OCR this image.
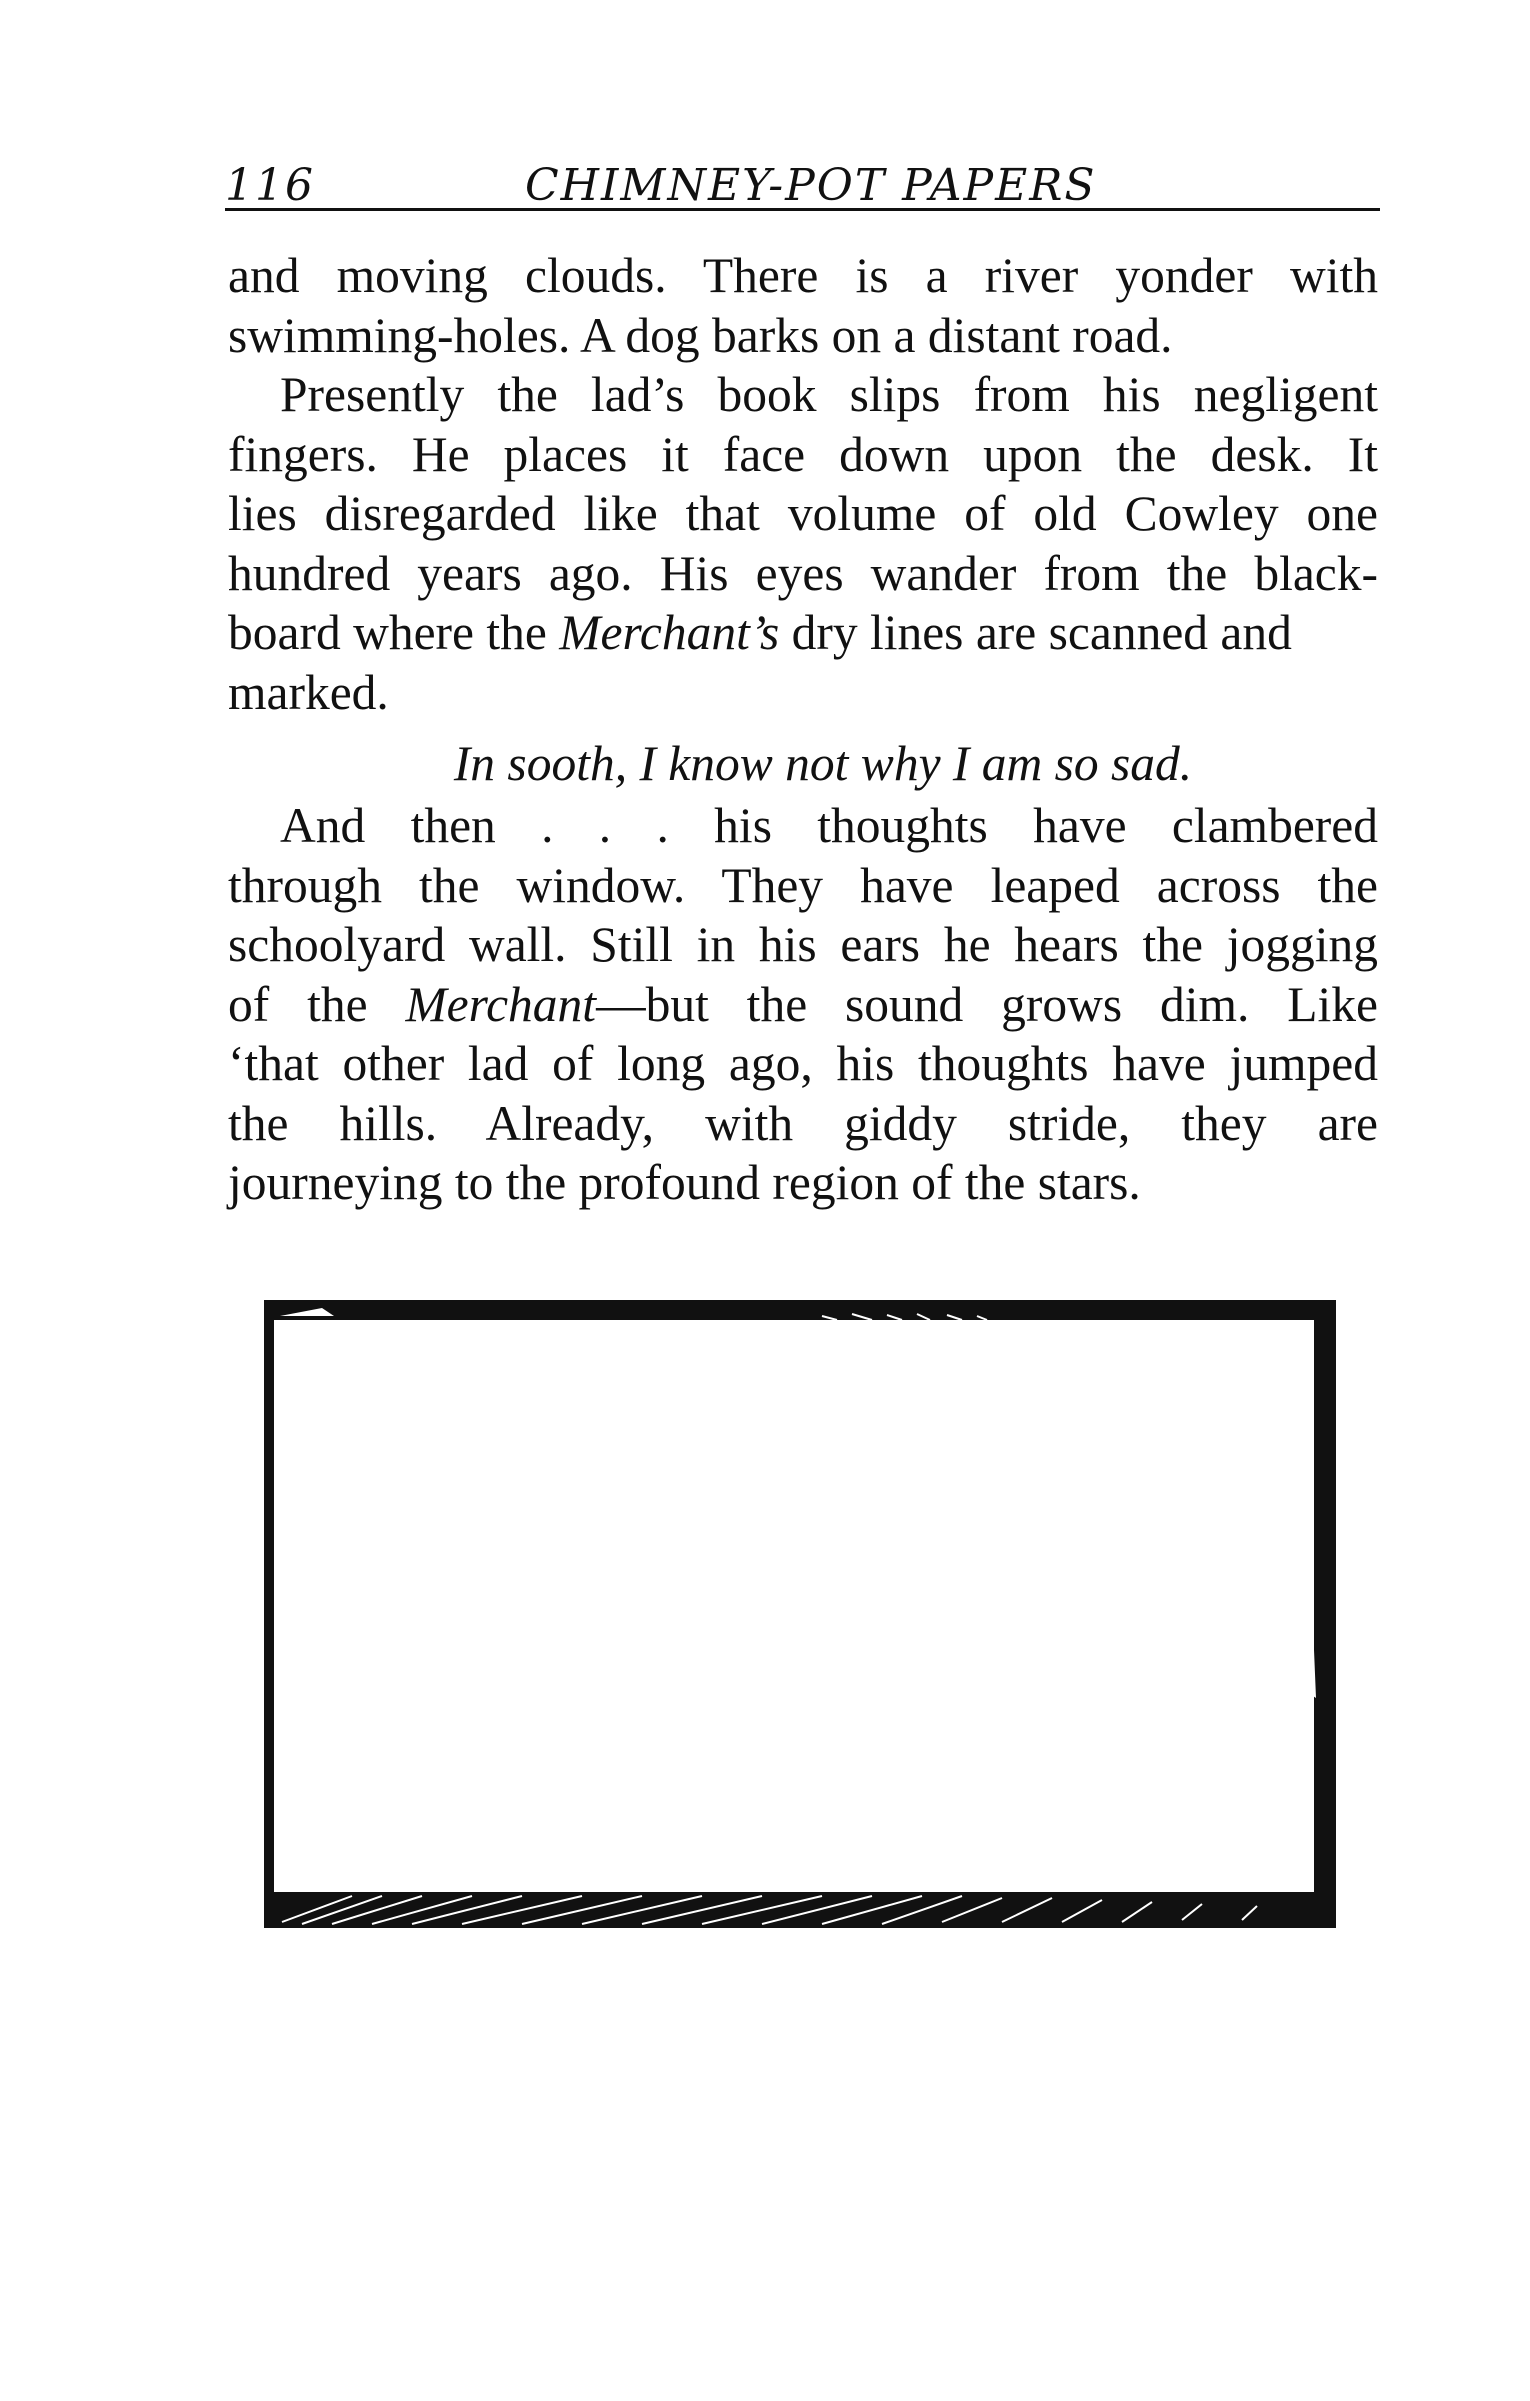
116	CHIMNEY-POT PAPERS
and moving clouds. There is a river yonder with
swimming-holes. A dog barks on a distant road.
Presently the lad’s book slips from his negligent
fingers. He places it face down upon the desk. It
lies disregarded like that volume of old Cowley one
hundred years ago. His eyes wander from the black-
board where the Merchant’s dry lines are scanned and
marked.
In sooth, I know not why I am so sad.
And then . . . his thoughts have clambered
through the window. They have leaped across the
schoolyard wall. Still in his ears he hears the jogging
of the Merchant—but the sound grows dim. Like
‘that other lad of long ago, his thoughts have jumped
the hills. Already, with giddy stride, they are
journeying to the profound region of the stars.
